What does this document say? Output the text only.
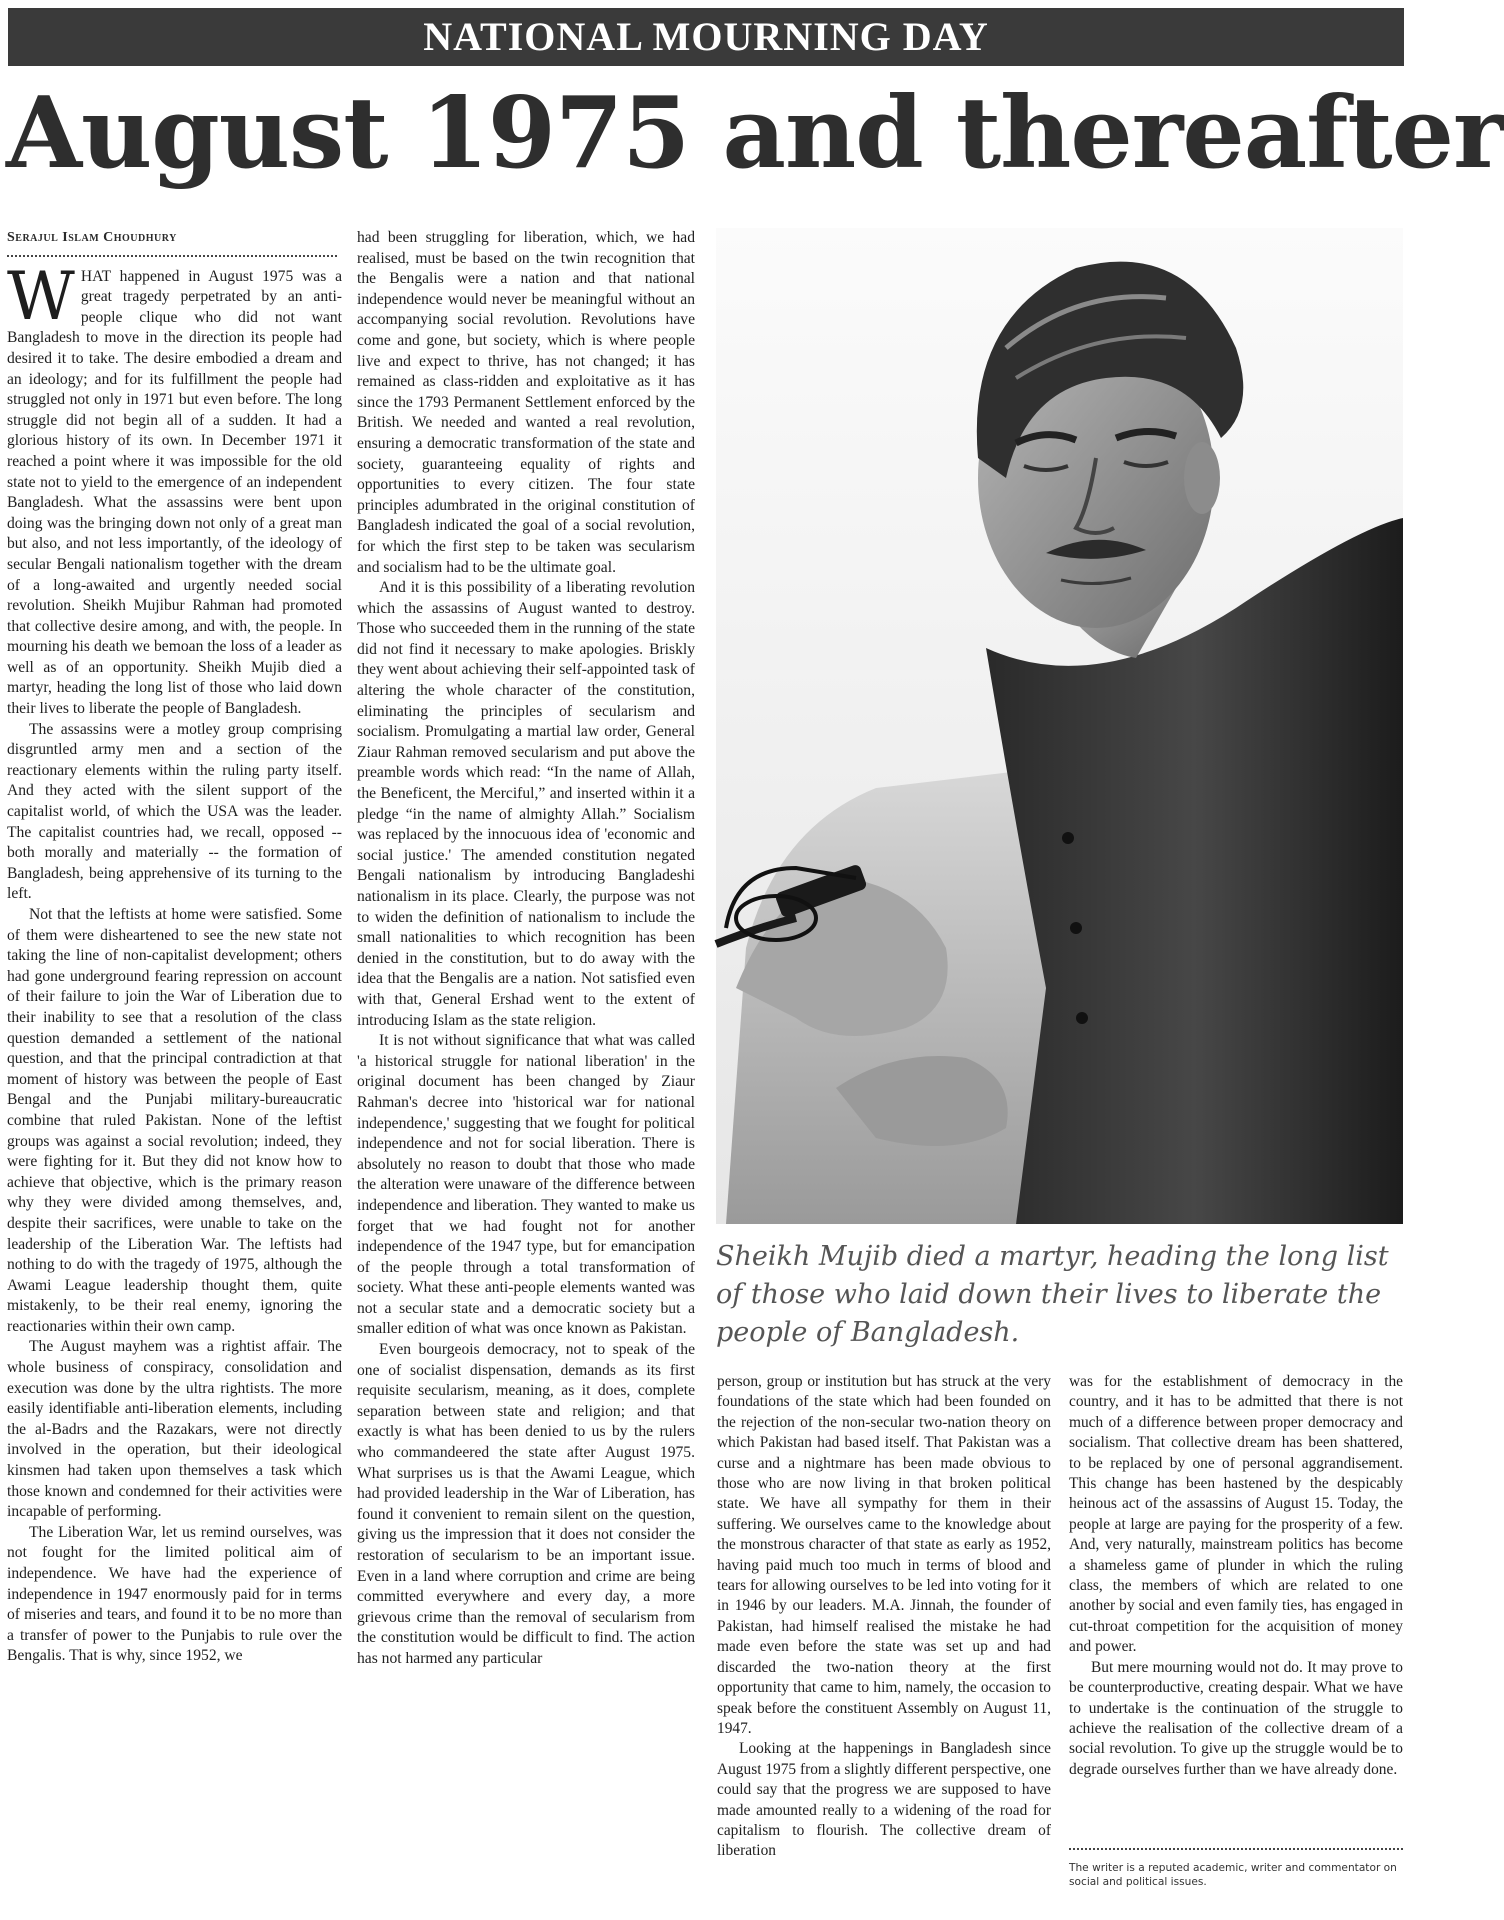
NATIONAL MOURNING DAY
August 1975 and thereafter
Serajul Islam Choudhury

WHAT happened in August 1975 was a great tragedy perpetrated by an anti-people clique who did not want Bangladesh to move in the direction its people had desired it to take. The desire embodied a dream and an ideology; and for its fulfillment the people had struggled not only in 1971 but even before. The long struggle did not begin all of a sudden. It had a glorious history of its own. In December 1971 it reached a point where it was impossible for the old state not to yield to the emergence of an independent Bangladesh. What the assassins were bent upon doing was the bringing down not only of a great man but also, and not less importantly, of the ideology of secular Bengali nationalism together with the dream of a long-awaited and urgently needed social revolution. Sheikh Mujibur Rahman had promoted that collective desire among, and with, the people. In mourning his death we bemoan the loss of a leader as well as of an opportunity. Sheikh Mujib died a martyr, heading the long list of those who laid down their lives to liberate the people of Bangladesh.

The assassins were a motley group comprising disgruntled army men and a section of the reactionary elements within the ruling party itself. And they acted with the silent support of the capitalist world, of which the USA was the leader. The capitalist countries had, we recall, opposed -- both morally and materially -- the formation of Bangladesh, being apprehensive of its turning to the left.

Not that the leftists at home were satisfied. Some of them were disheartened to see the new state not taking the line of non-capitalist development; others had gone underground fearing repression on account of their failure to join the War of Liberation due to their inability to see that a resolution of the class question demanded a settlement of the national question, and that the principal contradiction at that moment of history was between the people of East Bengal and the Punjabi military-bureaucratic combine that ruled Pakistan. None of the leftist groups was against a social revolution; indeed, they were fighting for it. But they did not know how to achieve that objective, which is the primary reason why they were divided among themselves, and, despite their sacrifices, were unable to take on the leadership of the Liberation War. The leftists had nothing to do with the tragedy of 1975, although the Awami League leadership thought them, quite mistakenly, to be their real enemy, ignoring the reactionaries within their own camp.

The August mayhem was a rightist affair. The whole business of conspiracy, consolidation and execution was done by the ultra rightists. The more easily identifiable anti-liberation elements, including the al-Badrs and the Razakars, were not directly involved in the operation, but their ideological kinsmen had taken upon themselves a task which those known and condemned for their activities were incapable of performing.

The Liberation War, let us remind ourselves, was not fought for the limited political aim of independence. We have had the experience of independence in 1947 enormously paid for in terms of miseries and tears, and found it to be no more than a transfer of power to the Punjabis to rule over the Bengalis. That is why, since 1952, we

had been struggling for liberation, which, we had realised, must be based on the twin recognition that the Bengalis were a nation and that national independence would never be meaningful without an accompanying social revolution. Revolutions have come and gone, but society, which is where people live and expect to thrive, has not changed; it has remained as class-ridden and exploitative as it has since the 1793 Permanent Settlement enforced by the British. We needed and wanted a real revolution, ensuring a democratic transformation of the state and society, guaranteeing equality of rights and opportunities to every citizen. The four state principles adumbrated in the original constitution of Bangladesh indicated the goal of a social revolution, for which the first step to be taken was secularism and socialism had to be the ultimate goal.

And it is this possibility of a liberating revolution which the assassins of August wanted to destroy. Those who succeeded them in the running of the state did not find it necessary to make apologies. Briskly they went about achieving their self-appointed task of altering the whole character of the constitution, eliminating the principles of secularism and socialism. Promulgating a martial law order, General Ziaur Rahman removed secularism and put above the preamble words which read: “In the name of Allah, the Beneficent, the Merciful,” and inserted within it a pledge “in the name of almighty Allah.” Socialism was replaced by the innocuous idea of 'economic and social justice.' The amended constitution negated Bengali nationalism by introducing Bangladeshi nationalism in its place. Clearly, the purpose was not to widen the definition of nationalism to include the small nationalities to which recognition has been denied in the constitution, but to do away with the idea that the Bengalis are a nation. Not satisfied even with that, General Ershad went to the extent of introducing Islam as the state religion.

It is not without significance that what was called 'a historical struggle for national liberation' in the original document has been changed by Ziaur Rahman's decree into 'historical war for national independence,' suggesting that we fought for political independence and not for social liberation. There is absolutely no reason to doubt that those who made the alteration were unaware of the difference between independence and liberation. They wanted to make us forget that we had fought not for another independence of the 1947 type, but for emancipation of the people through a total transformation of society. What these anti-people elements wanted was not a secular state and a democratic society but a smaller edition of what was once known as Pakistan.

Even bourgeois democracy, not to speak of the one of socialist dispensation, demands as its first requisite secularism, meaning, as it does, complete separation between state and religion; and that exactly is what has been denied to us by the rulers who commandeered the state after August 1975. What surprises us is that the Awami League, which had provided leadership in the War of Liberation, has found it convenient to remain silent on the question, giving us the impression that it does not consider the restoration of secularism to be an important issue. Even in a land where corruption and crime are being committed everywhere and every day, a more grievous crime than the removal of secularism from the constitution would be difficult to find. The action has not harmed any particular

Sheikh Mujib died a martyr, heading the long list of those who laid down their lives to liberate the people of Bangladesh.

person, group or institution but has struck at the very foundations of the state which had been founded on the rejection of the non-secular two-nation theory on which Pakistan had based itself. That Pakistan was a curse and a nightmare has been made obvious to those who are now living in that broken political state. We have all sympathy for them in their suffering. We ourselves came to the knowledge about the monstrous character of that state as early as 1952, having paid much too much in terms of blood and tears for allowing ourselves to be led into voting for it in 1946 by our leaders. M.A. Jinnah, the founder of Pakistan, had himself realised the mistake he had made even before the state was set up and had discarded the two-nation theory at the first opportunity that came to him, namely, the occasion to speak before the constituent Assembly on August 11, 1947.

Looking at the happenings in Bangladesh since August 1975 from a slightly different perspective, one could say that the progress we are supposed to have made amounted really to a widening of the road for capitalism to flourish. The collective dream of liberation

was for the establishment of democracy in the country, and it has to be admitted that there is not much of a difference between proper democracy and socialism. That collective dream has been shattered, to be replaced by one of personal aggrandisement. This change has been hastened by the despicably heinous act of the assassins of August 15. Today, the people at large are paying for the prosperity of a few. And, very naturally, mainstream politics has become a shameless game of plunder in which the ruling class, the members of which are related to one another by social and even family ties, has engaged in cut-throat competition for the acquisition of money and power.

But mere mourning would not do. It may prove to be counterproductive, creating despair. What we have to undertake is the continuation of the struggle to achieve the realisation of the collective dream of a social revolution. To give up the struggle would be to degrade ourselves further than we have already done.

The writer is a reputed academic, writer and commentator on social and political issues.
